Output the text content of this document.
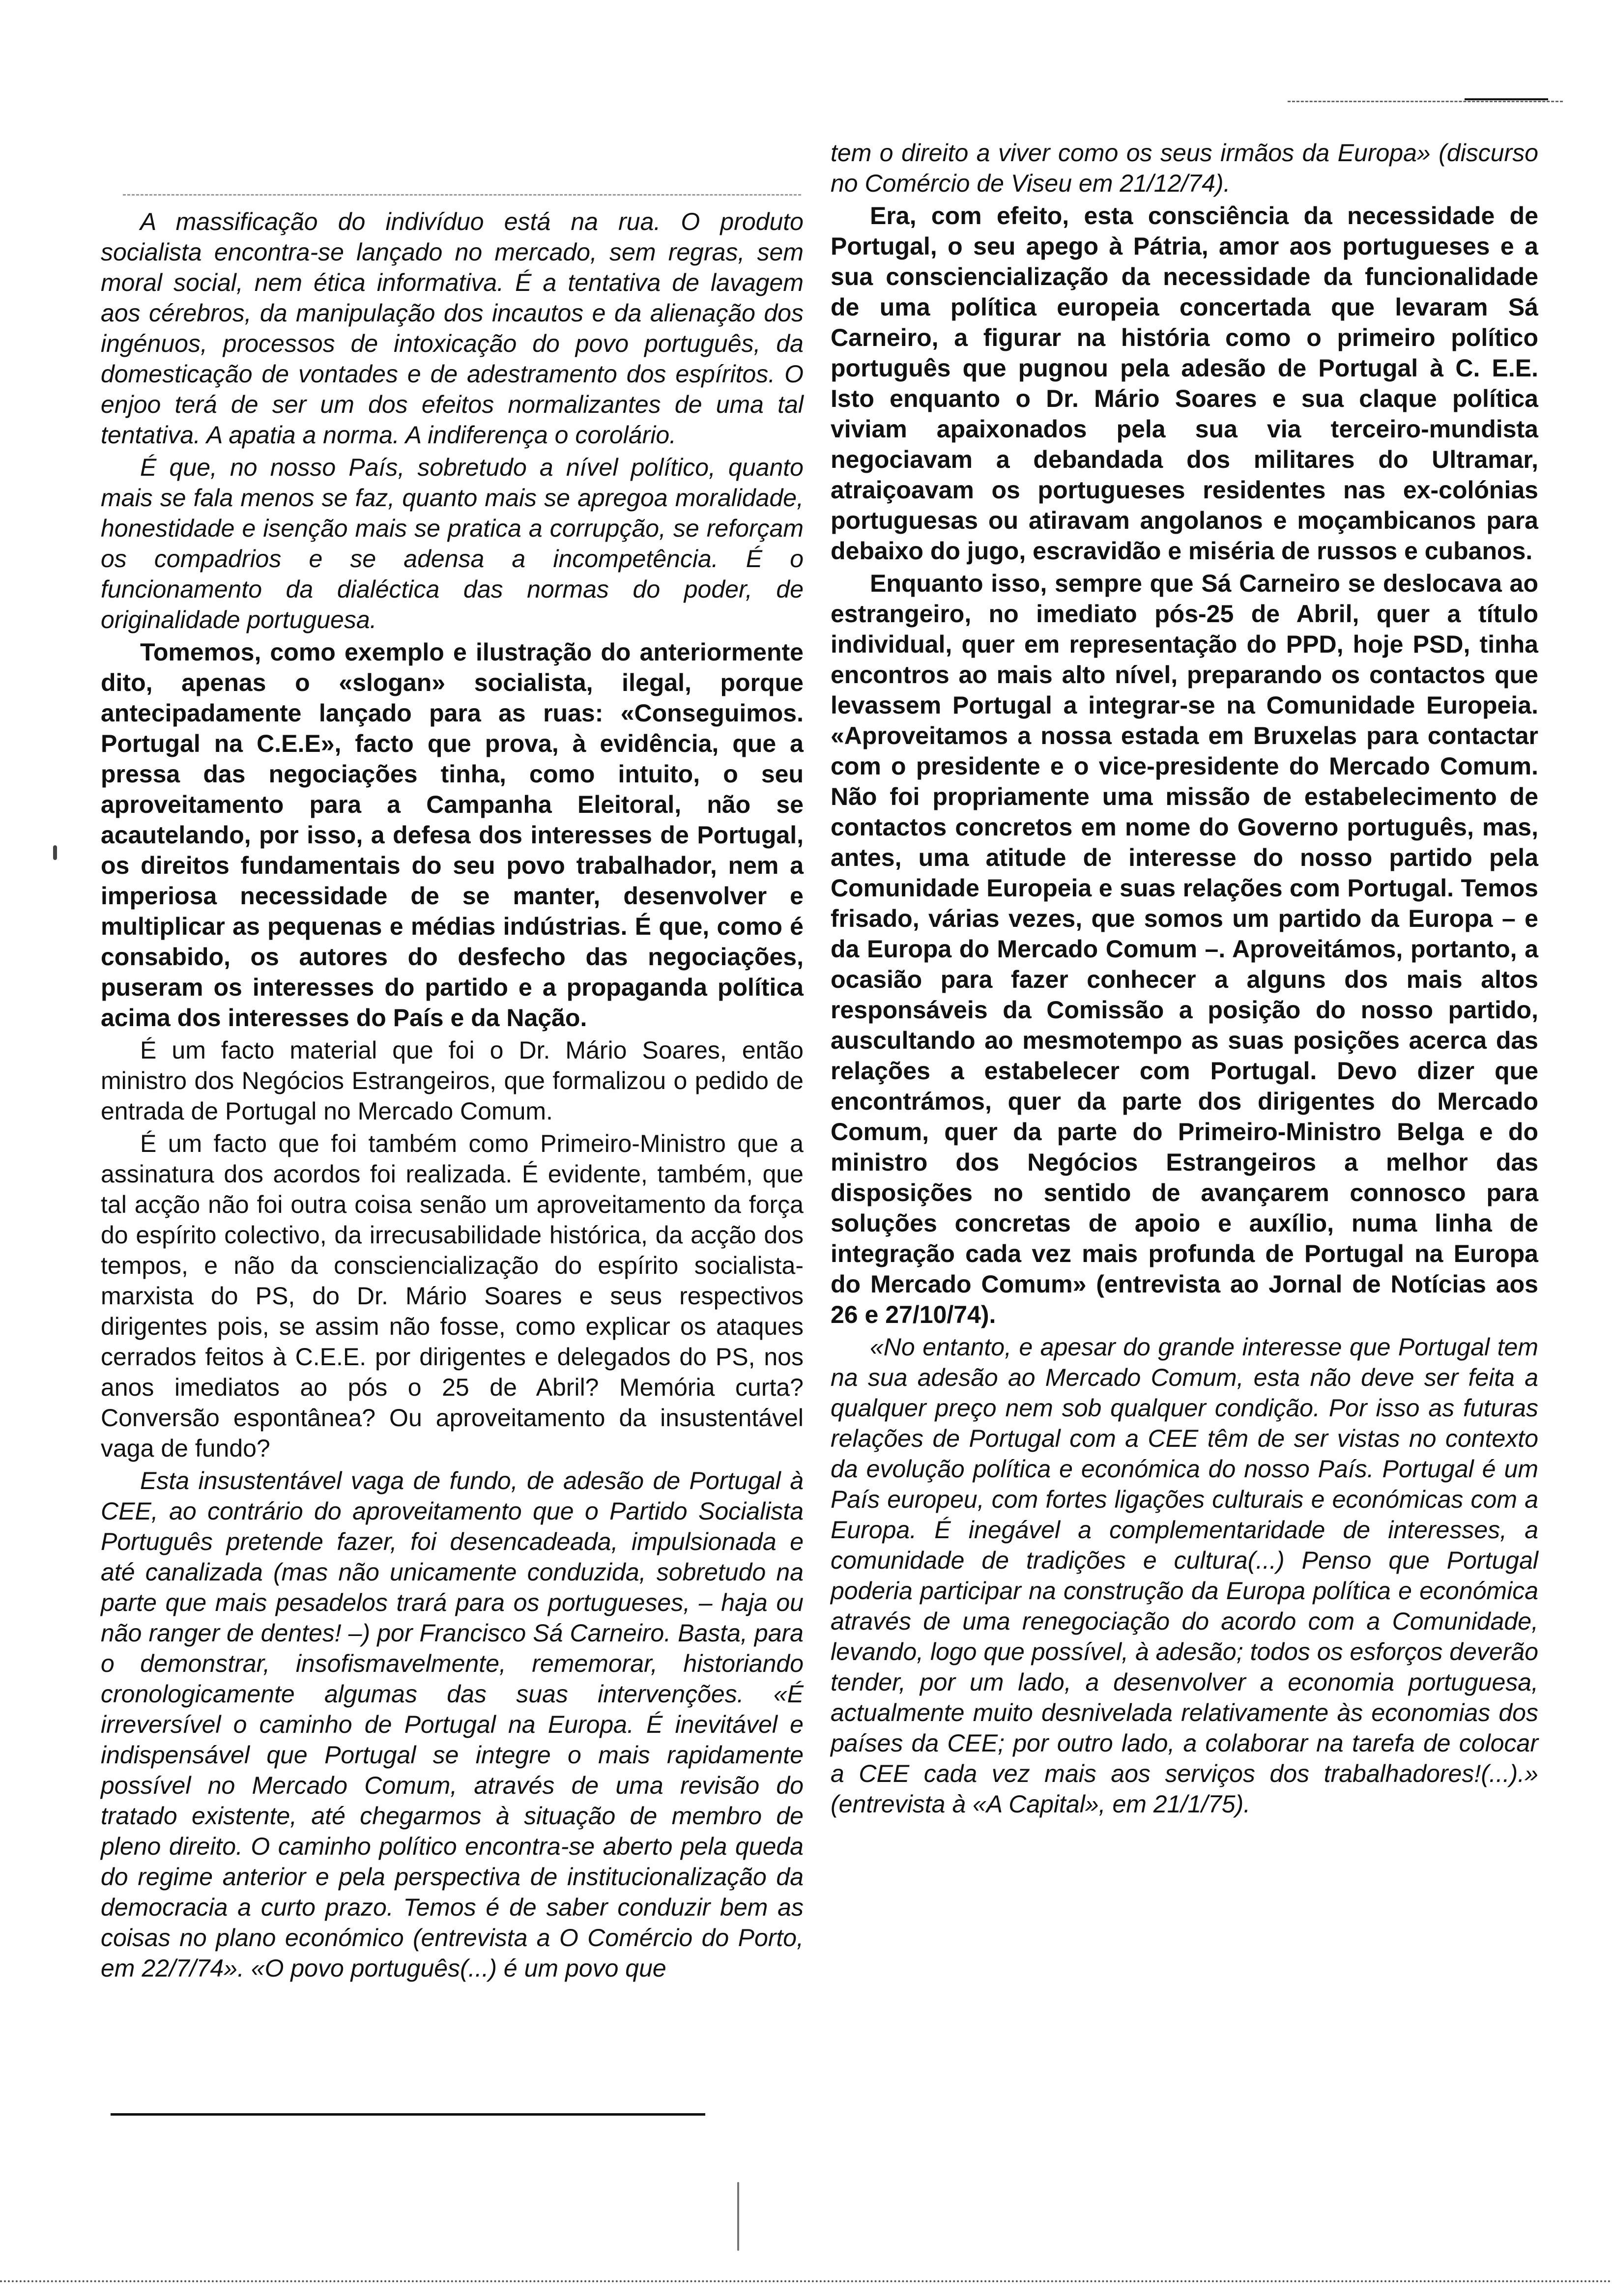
A massificação do indivíduo está na rua. O produto socialista encontra-se lançado no mercado, sem regras, sem moral social, nem ética informativa. É a tentativa de lavagem aos cérebros, da manipulação dos incautos e da alienação dos ingénuos, processos de intoxicação do povo português, da domesticação de vontades e de adestramento dos espíritos. O enjoo terá de ser um dos efeitos normalizantes de uma tal tentativa. A apatia a norma. A indiferença o corolário.

É que, no nosso País, sobretudo a nível político, quanto mais se fala menos se faz, quanto mais se apregoa moralidade, honestidade e isenção mais se pratica a corrupção, se reforçam os compadrios e se adensa a incompetência. É o funcionamento da dialéctica das normas do poder, de originalidade portuguesa.

Tomemos, como exemplo e ilustração do anteriormente dito, apenas o «slogan» socialista, ilegal, porque antecipadamente lançado para as ruas: «Conseguimos. Portugal na C.E.E», facto que prova, à evidência, que a pressa das negociações tinha, como intuito, o seu aproveitamento para a Campanha Eleitoral, não se acautelando, por isso, a defesa dos interesses de Portugal, os direitos fundamentais do seu povo trabalhador, nem a imperiosa necessidade de se manter, desenvolver e multiplicar as pequenas e médias indústrias. É que, como é consabido, os autores do desfecho das negociações, puseram os interesses do partido e a propaganda política acima dos interesses do País e da Nação.

É um facto material que foi o Dr. Mário Soares, então ministro dos Negócios Estrangeiros, que formalizou o pedido de entrada de Portugal no Mercado Comum.

É um facto que foi também como Primeiro-Ministro que a assinatura dos acordos foi realizada. É evidente, também, que tal acção não foi outra coisa senão um aproveitamento da força do espírito colectivo, da irrecusabilidade histórica, da acção dos tempos, e não da consciencialização do espírito socialista-marxista do PS, do Dr. Mário Soares e seus respectivos dirigentes pois, se assim não fosse, como explicar os ataques cerrados feitos à C.E.E. por dirigentes e delegados do PS, nos anos imediatos ao pós o 25 de Abril? Memória curta? Conversão espontânea? Ou aproveitamento da insustentável vaga de fundo?

Esta insustentável vaga de fundo, de adesão de Portugal à CEE, ao contrário do aproveitamento que o Partido Socialista Português pretende fazer, foi desencadeada, impulsionada e até canalizada (mas não unicamente conduzida, sobretudo na parte que mais pesadelos trará para os portugueses, – haja ou não ranger de dentes! –) por Francisco Sá Carneiro. Basta, para o demonstrar, insofismavelmente, rememorar, historiando cronologicamente algumas das suas intervenções. «É irreversível o caminho de Portugal na Europa. É inevitável e indispensável que Portugal se integre o mais rapidamente possível no Mercado Comum, através de uma revisão do tratado existente, até chegarmos à situação de membro de pleno direito. O caminho político encontra-se aberto pela queda do regime anterior e pela perspectiva de institucionalização da democracia a curto prazo. Temos é de saber conduzir bem as coisas no plano económico (entrevista a O Comércio do Porto, em 22/7/74». «O povo português(...) é um povo que

tem o direito a viver como os seus irmãos da Europa» (discurso no Comércio de Viseu em 21/12/74).

Era, com efeito, esta consciência da necessidade de Portugal, o seu apego à Pátria, amor aos portugueses e a sua consciencialização da necessidade da funcionalidade de uma política europeia concertada que levaram Sá Carneiro, a figurar na história como o primeiro político português que pugnou pela adesão de Portugal à C. E.E. Isto enquanto o Dr. Mário Soares e sua claque política viviam apaixonados pela sua via terceiro-mundista negociavam a debandada dos militares do Ultramar, atraiçoavam os portugueses residentes nas ex-colónias portuguesas ou atiravam angolanos e moçambicanos para debaixo do jugo, escravidão e miséria de russos e cubanos.

Enquanto isso, sempre que Sá Carneiro se deslocava ao estrangeiro, no imediato pós-25 de Abril, quer a título individual, quer em representação do PPD, hoje PSD, tinha encontros ao mais alto nível, preparando os contactos que levassem Portugal a integrar-se na Comunidade Europeia. «Aproveitamos a nossa estada em Bruxelas para contactar com o presidente e o vice-presidente do Mercado Comum. Não foi propriamente uma missão de estabelecimento de contactos concretos em nome do Governo português, mas, antes, uma atitude de interesse do nosso partido pela Comunidade Europeia e suas relações com Portugal. Temos frisado, várias vezes, que somos um partido da Europa – e da Europa do Mercado Comum –. Aproveitámos, portanto, a ocasião para fazer conhecer a alguns dos mais altos responsáveis da Comissão a posição do nosso partido, auscultando ao mesmotempo as suas posições acerca das relações a estabelecer com Portugal. Devo dizer que encontrámos, quer da parte dos dirigentes do Mercado Comum, quer da parte do Primeiro-Ministro Belga e do ministro dos Negócios Estrangeiros a melhor das disposições no sentido de avançarem connosco para soluções concretas de apoio e auxílio, numa linha de integração cada vez mais profunda de Portugal na Europa do Mercado Comum» (entrevista ao Jornal de Notícias aos 26 e 27/10/74).

«No entanto, e apesar do grande interesse que Portugal tem na sua adesão ao Mercado Comum, esta não deve ser feita a qualquer preço nem sob qualquer condição. Por isso as futuras relações de Portugal com a CEE têm de ser vistas no contexto da evolução política e económica do nosso País. Portugal é um País europeu, com fortes ligações culturais e económicas com a Europa. É inegável a complementaridade de interesses, a comunidade de tradições e cultura(...) Penso que Portugal poderia participar na construção da Europa política e económica através de uma renegociação do acordo com a Comunidade, levando, logo que possível, à adesão; todos os esforços deverão tender, por um lado, a desenvolver a economia portuguesa, actualmente muito desnivelada relativamente às economias dos países da CEE; por outro lado, a colaborar na tarefa de colocar a CEE cada vez mais aos serviços dos trabalhadores!(...).» (entrevista à «A Capital», em 21/1/75).
